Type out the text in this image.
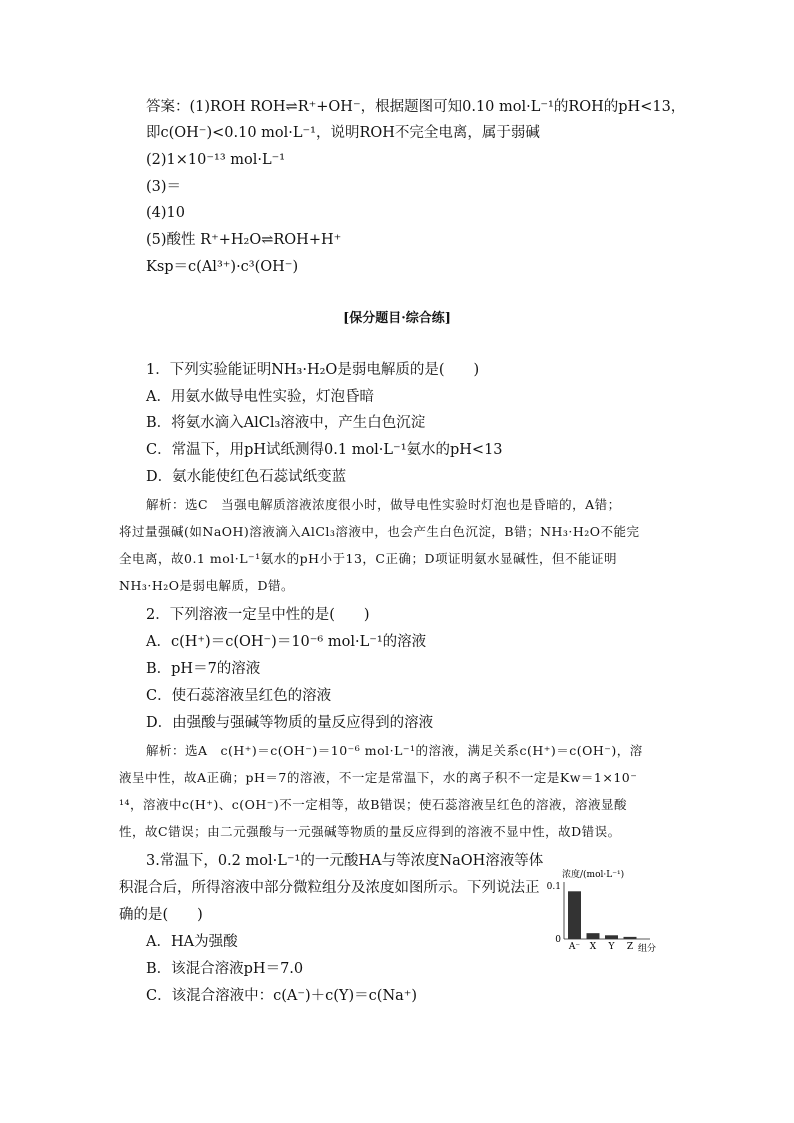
答案：(1)ROH ROH⇌R⁺+OH⁻，根据题图可知0.10 mol·L⁻¹的ROH的pH<13，
即c(OH⁻)<0.10 mol·L⁻¹，说明ROH不完全电离，属于弱碱
(2)1×10⁻¹³ mol·L⁻¹
(3)＝
(4)10
(5)酸性 R⁺+H₂O⇌ROH+H⁺
Ksp＝c(Al³⁺)·c³(OH⁻)
[保分题目·综合练]
1．下列实验能证明NH₃·H₂O是弱电解质的是(　　)
A．用氨水做导电性实验，灯泡昏暗
B．将氨水滴入AlCl₃溶液中，产生白色沉淀
C．常温下，用pH试纸测得0.1 mol·L⁻¹氨水的pH<13
D．氨水能使红色石蕊试纸变蓝
解析：选C　当强电解质溶液浓度很小时，做导电性实验时灯泡也是昏暗的，A错；
将过量强碱(如NaOH)溶液滴入AlCl₃溶液中，也会产生白色沉淀，B错；NH₃·H₂O不能完
全电离，故0.1 mol·L⁻¹氨水的pH小于13，C正确；D项证明氨水显碱性，但不能证明
NH₃·H₂O是弱电解质，D错。
2．下列溶液一定呈中性的是(　　)
A．c(H⁺)＝c(OH⁻)＝10⁻⁶ mol·L⁻¹的溶液
B．pH＝7的溶液
C．使石蕊溶液呈红色的溶液
D．由强酸与强碱等物质的量反应得到的溶液
解析：选A　c(H⁺)＝c(OH⁻)＝10⁻⁶ mol·L⁻¹的溶液，满足关系c(H⁺)＝c(OH⁻)，溶
液呈中性，故A正确；pH＝7的溶液，不一定是常温下，水的离子积不一定是Kw＝1×10⁻
¹⁴，溶液中c(H⁺)、c(OH⁻)不一定相等，故B错误；使石蕊溶液呈红色的溶液，溶液显酸
性，故C错误；由二元强酸与一元强碱等物质的量反应得到的溶液不显中性，故D错误。
3.常温下，0.2 mol·L⁻¹的一元酸HA与等浓度NaOH溶液等体
积混合后，所得溶液中部分微粒组分及浓度如图所示。下列说法正
确的是(　　)
A．HA为强酸
B．该混合溶液pH＝7.0
C．该混合溶液中：c(A⁻)＋c(Y)＝c(Na⁺)
浓度/(mol·L⁻¹)
0.1
0
A⁻ X Y Z 组分
